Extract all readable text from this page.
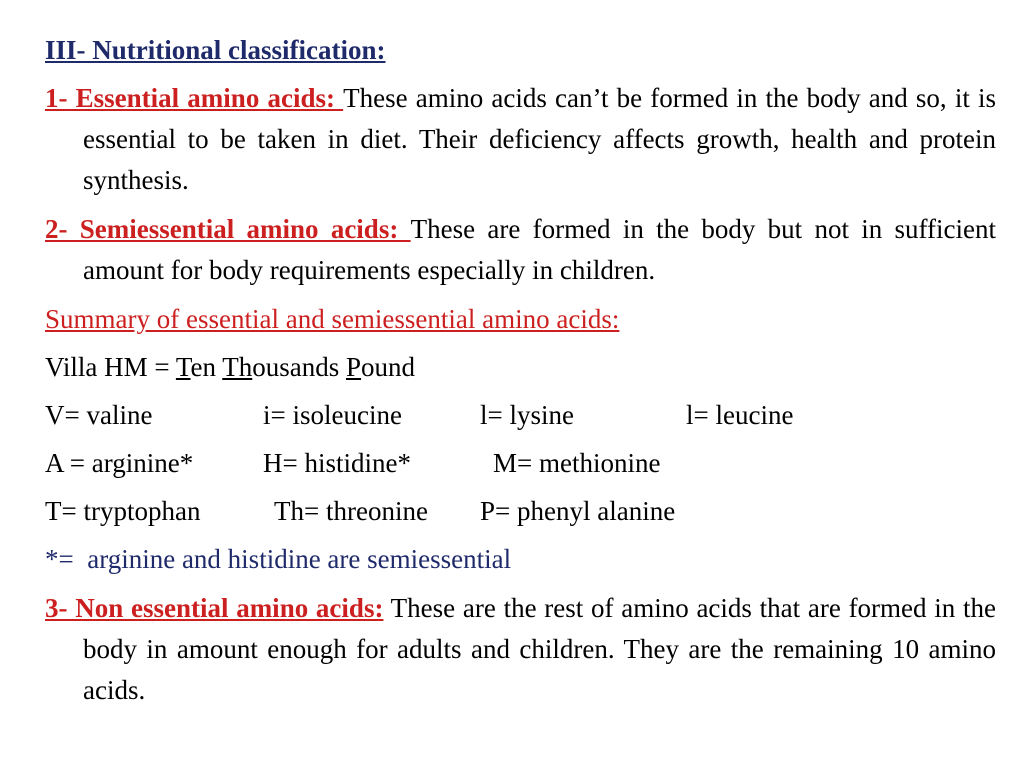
III- Nutritional classification:
1- Essential amino acids: These amino acids can’t be formed in the body and so, it is essential to be taken in diet. Their deficiency affects growth, health and protein synthesis.
2- Semiessential amino acids: These are formed in the body but not in sufficient amount for body requirements especially in children.
Summary of essential and semiessential amino acids:
Villa HM = Ten Thousands Pound
V= valine	i= isoleucine	l= lysine	l= leucine
A = arginine*	H= histidine*	M= methionine
T= tryptophan	Th= threonine P= phenyl alanine
*=  arginine and histidine are semiessential
3- Non essential amino acids: These are the rest of amino acids that are formed in the body in amount enough for adults and children. They are the remaining 10 amino acids.
